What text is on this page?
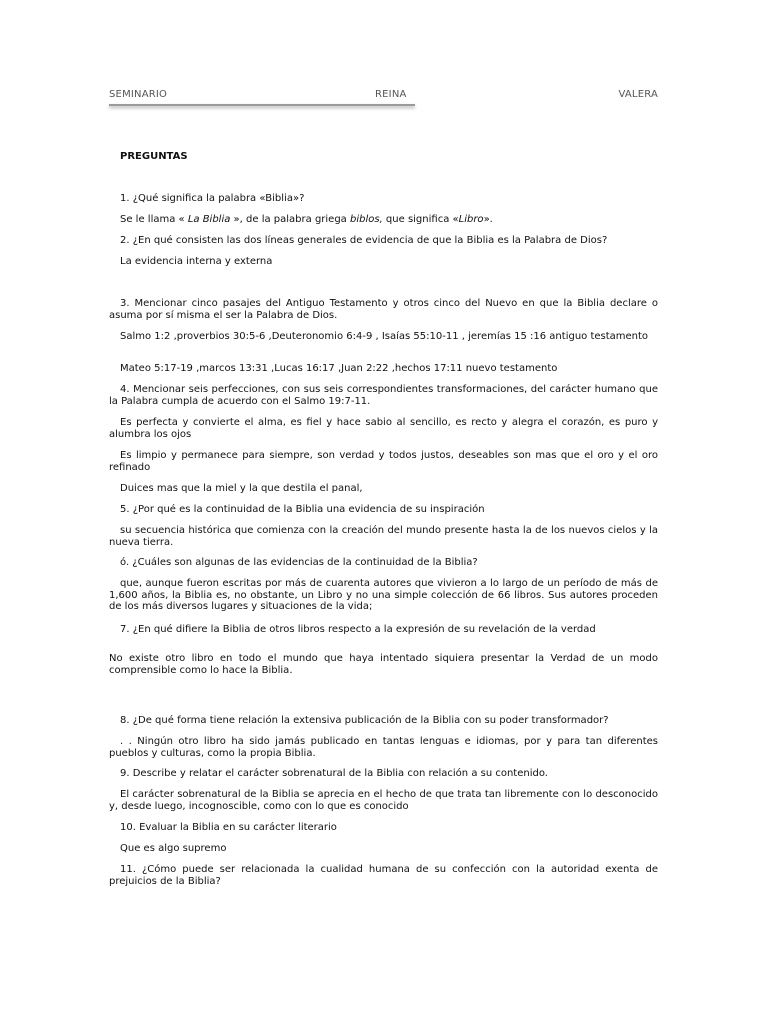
SEMINARIO	REINA	VALERA
PREGUNTAS

1. ¿Qué significa la palabra «Biblia»?

Se le llama « La Biblia », de la palabra griega biblos, que significa «Libro».

2. ¿En qué consisten las dos líneas generales de evidencia de que la Biblia es la Palabra de Dios?

La evidencia interna y externa

3. Mencionar cinco pasajes del Antiguo Testamento y otros cinco del Nuevo en que la Biblia declare o asuma por sí misma el ser la Palabra de Dios.

Salmo 1:2 ,proverbios 30:5-6 ,Deuteronomio 6:4-9 , Isaías 55:10-11 , jeremías 15 :16 antiguo testamento

Mateo 5:17-19 ,marcos 13:31 ,Lucas 16:17 ,Juan 2:22 ,hechos 17:11 nuevo testamento

4. Mencionar seis perfecciones, con sus seis correspondientes transformaciones, del carácter humano que la Palabra cumpla de acuerdo con el Salmo 19:7-11.

Es perfecta y convierte el alma, es fiel y hace sabio al sencillo, es recto y alegra el corazón, es puro y alumbra los ojos

Es limpio y permanece para siempre, son verdad y todos justos, deseables son mas que el oro y el oro refinado

Duices mas que la miel y la que destila el panal,

5. ¿Por qué es la continuidad de la Biblia una evidencia de su inspiración

su secuencia histórica que comienza con la creación del mundo presente hasta la de los nuevos cielos y la nueva tierra.

ó. ¿Cuáles son algunas de las evidencias de la continuidad de la Biblia?

que, aunque fueron escritas por más de cuarenta autores que vivieron a lo largo de un período de más de 1,600 años, la Biblia es, no obstante, un Libro y no una simple colección de 66 libros. Sus autores proceden de los más diversos lugares y situaciones de la vida;

7. ¿En qué difiere la Biblia de otros libros respecto a la expresión de su revelación de la verdad

No existe otro libro en todo el mundo que haya intentado siquiera presentar la Verdad de un modo comprensible como lo hace la Biblia.

8. ¿De qué forma tiene relación la extensiva publicación de la Biblia con su poder transformador?

. . Ningún otro libro ha sido jamás publicado en tantas lenguas e idiomas, por y para tan diferentes pueblos y culturas, como la propia Biblia.

9. Describe y relatar el carácter sobrenatural de la Biblia con relación a su contenido.

El carácter sobrenatural de la Biblia se aprecia en el hecho de que trata tan libremente con lo desconocido y, desde luego, incognoscible, como con lo que es conocido

10. Evaluar la Biblia en su carácter literario

Que es algo supremo

11. ¿Cómo puede ser relacionada la cualidad humana de su confección con la autoridad exenta de prejuicios de la Biblia?
